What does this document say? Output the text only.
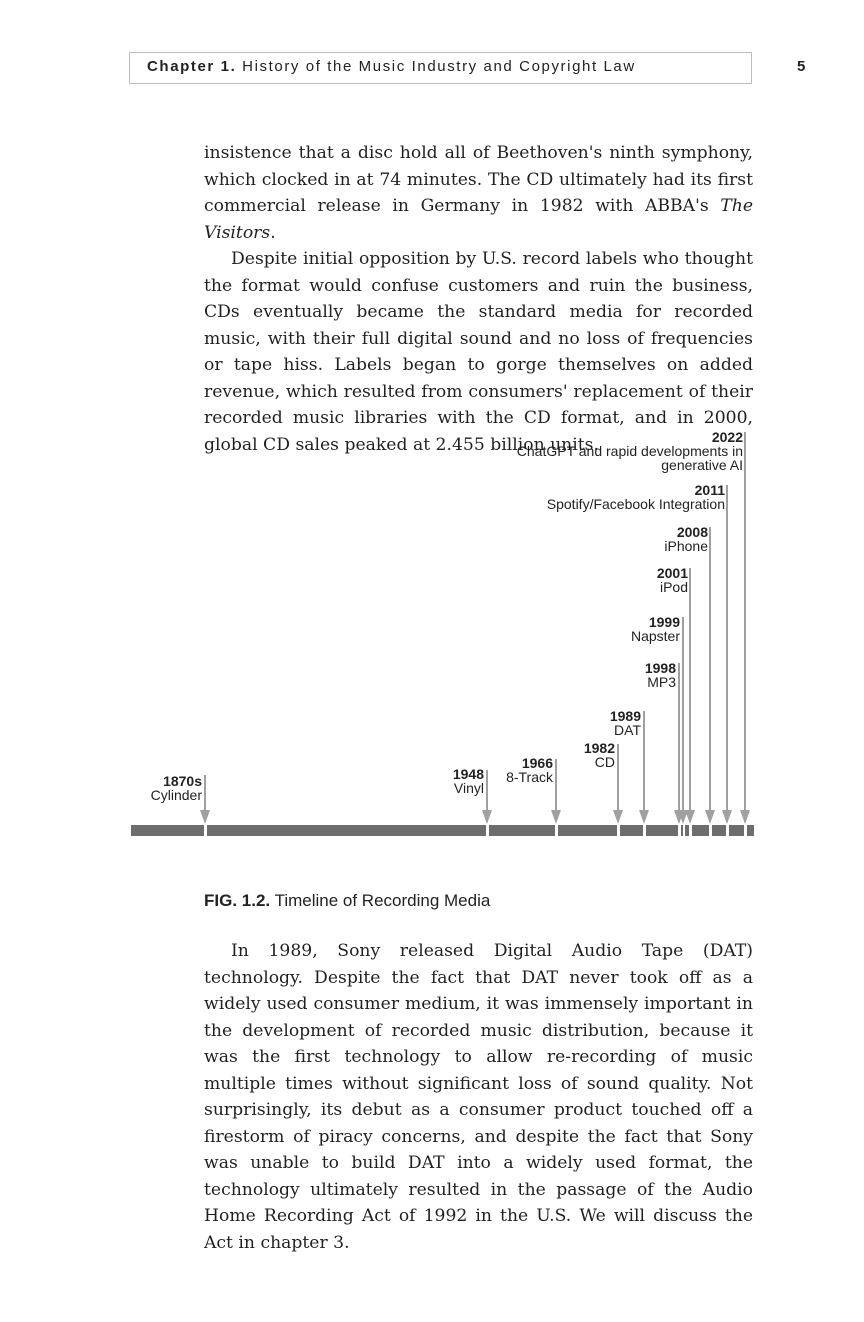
Chapter 1. History of the Music Industry and Copyright Law	5

insistence that a disc hold all of Beethoven's ninth symphony, which clocked in at 74 minutes. The CD ultimately had its first commercial release in Germany in 1982 with ABBA's The Visitors.

Despite initial opposition by U.S. record labels who thought the format would confuse customers and ruin the business, CDs eventually became the standard media for recorded music, with their full digital sound and no loss of frequencies or tape hiss. Labels began to gorge themselves on added revenue, which resulted from consumers' replacement of their recorded music libraries with the CD format, and in 2000, global CD sales peaked at 2.455 billion units.

1870s
Cylinder
1948
Vinyl
1966
8-Track
1982
CD
1989
DAT
1998
MP3
1999
Napster
2001
iPod
2008
iPhone
2011
Spotify/Facebook Integration
2022
ChatGPT and rapid developments in generative AI
FIG. 1.2. Timeline of Recording Media

In 1989, Sony released Digital Audio Tape (DAT) technology. Despite the fact that DAT never took off as a widely used consumer medium, it was immensely important in the development of recorded music distribution, because it was the first technology to allow re-recording of music multiple times without significant loss of sound quality. Not surprisingly, its debut as a consumer product touched off a firestorm of piracy concerns, and despite the fact that Sony was unable to build DAT into a widely used format, the technology ultimately resulted in the passage of the Audio Home Recording Act of 1992 in the U.S. We will discuss the Act in chapter 3.
